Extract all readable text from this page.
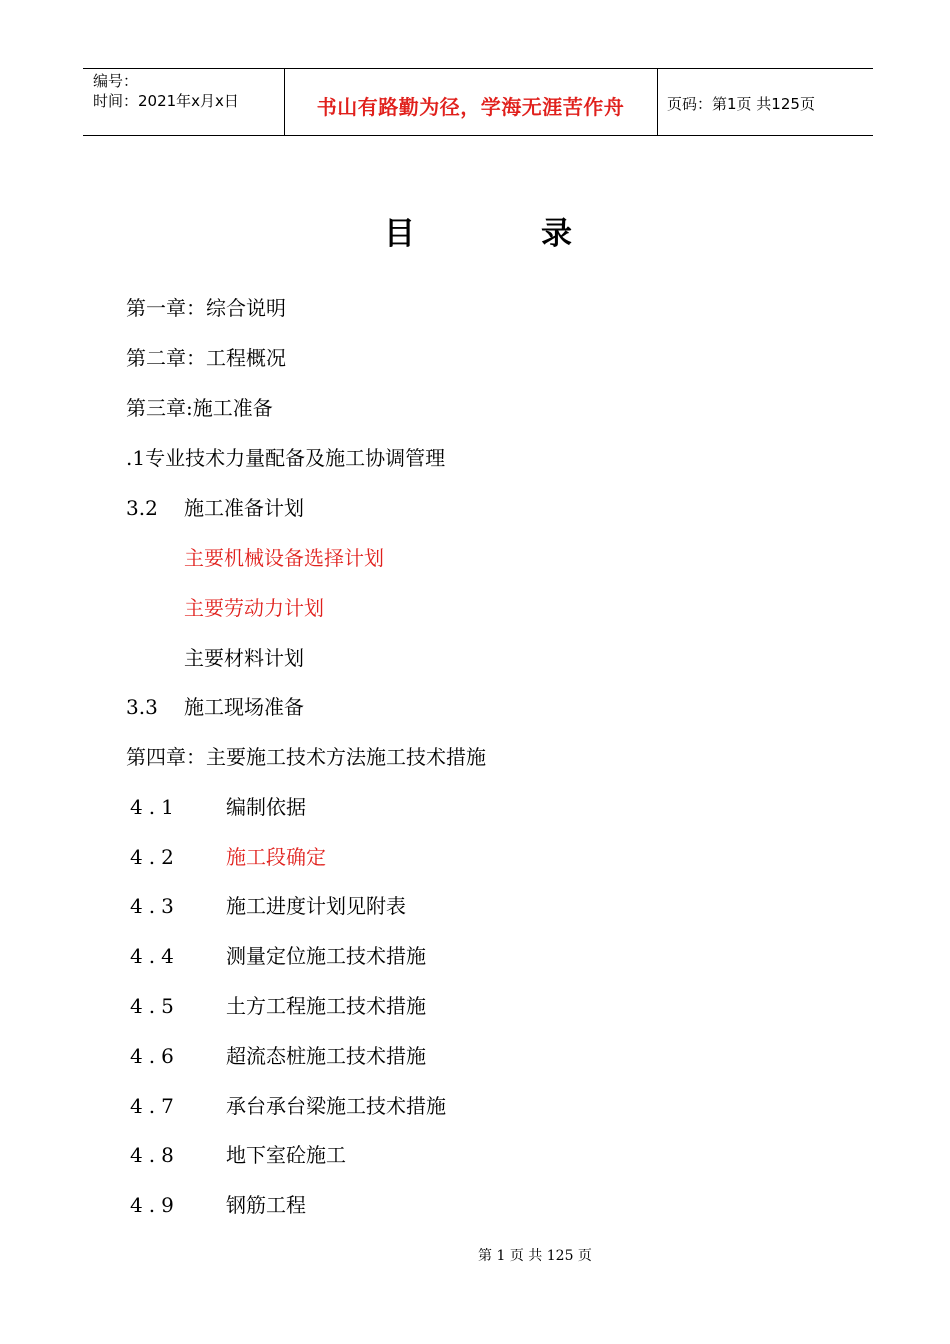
编号：
时间：2021年x月x日	书山有路勤为径，学海无涯苦作舟	页码：第1页 共125页
目	录
第一章：综合说明
第二章：工程概况
第三章:施工准备
.1专业技术力量配备及施工协调管理
3.2 施工准备计划
主要机械设备选择计划
主要劳动力计划
主要材料计划
3.3 施工现场准备
第四章：主要施工技术方法施工技术措施
4.1 编制依据
4.2 施工段确定
4.3 施工进度计划见附表
4.4 测量定位施工技术措施
4.5 土方工程施工技术措施
4.6 超流态桩施工技术措施
4.7 承台承台梁施工技术措施
4.8 地下室砼施工
4.9 钢筋工程
第 1 页 共 125 页
